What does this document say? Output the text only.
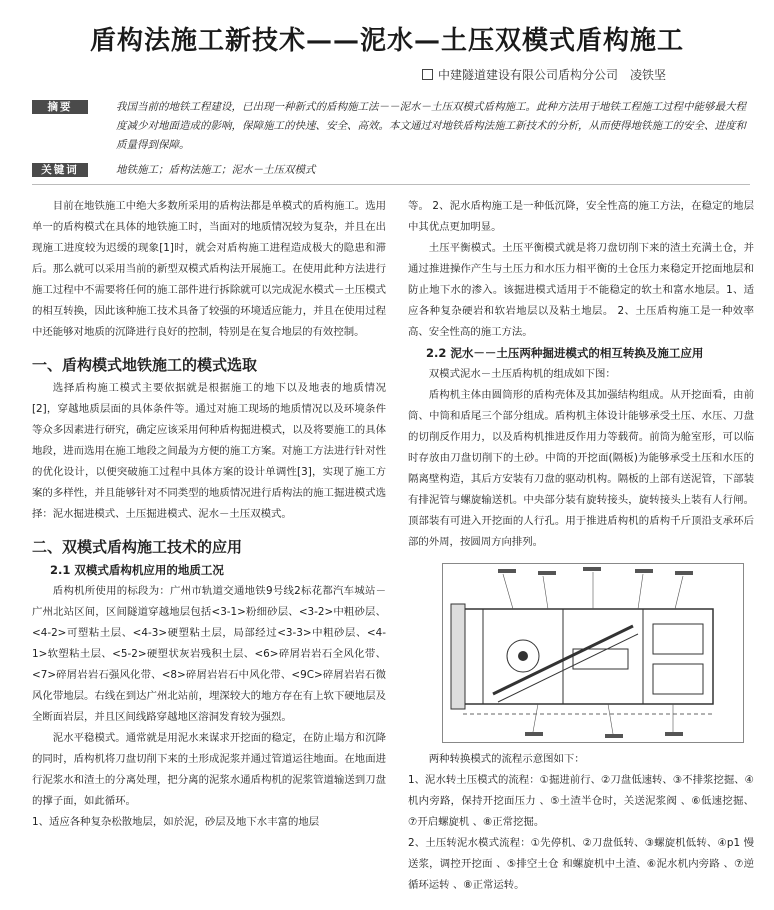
盾构法施工新技术——泥水—土压双模式盾构施工
中建隧道建设有限公司盾构分公司　凌铁坚
摘要	我国当前的地铁工程建设，已出现一种新式的盾构施工法－－泥水－土压双模式盾构施工。此种方法用于地铁工程施工过程中能够最大程度减少对地面造成的影响，保障施工的快速、安全、高效。本文通过对地铁盾构法施工新技术的分析，从而使得地铁施工的安全、进度和质量得到保障。
关键词	地铁施工；盾构法施工；泥水－土压双模式

目前在地铁施工中绝大多数所采用的盾构法都是单模式的盾构施工。选用单一的盾构模式在具体的地铁施工时，当面对的地质情况较为复杂，并且在出现施工进度较为迟缓的现象[1]时，就会对盾构施工进程造成极大的隐患和滞后。那么就可以采用当前的新型双模式盾构法开展施工。在使用此种方法进行施工过程中不需要将任何的施工部件进行拆除就可以完成泥水模式－土压模式的相互转换，因此该种施工技术具备了较强的环境适应能力，并且在使用过程中还能够对地质的沉降进行良好的控制，特别是在复合地层的有效控制。

一、盾构模式地铁施工的模式选取

选择盾构施工模式主要依据就是根据施工的地下以及地表的地质情况[2]，穿越地质层面的具体条件等。通过对施工现场的地质情况以及环境条件等众多因素进行研究，确定应该采用何种盾构掘进模式，以及将要施工的具体地段，进而选用在施工地段之间最为方便的施工方案。对施工方法进行针对性的优化设计，以便突破施工过程中具体方案的设计单调性[3]，实现了施工方案的多样性，并且能够针对不同类型的地质情况进行盾构法的施工掘进模式选择：泥水掘进模式、土压掘进模式、泥水－土压双模式。

二、双模式盾构施工技术的应用
2.1 双模式盾构机应用的地质工况

盾构机所使用的标段为：广州市轨道交通地铁9号线2标花都汽车城站－广州北站区间，区间隧道穿越地层包括<3-1>粉细砂层、<3-2>中粗砂层、<4-2>可塑粘土层、<4-3>硬塑粘土层，局部经过<3-3>中粗砂层、<4-1>软塑粘土层、<5-2>硬塑状灰岩残积土层、<6>碎屑岩岩石全风化带、<7>碎屑岩岩石强风化带、<8>碎屑岩岩石中风化带、<9C>碎屑岩岩石微风化带地层。右线在到达广州北站前，埋深较大的地方存在有上软下硬地层及全断面岩层，并且区间线路穿越地区溶洞发育较为强烈。

泥水平稳模式。通常就是用泥水来谋求开挖面的稳定，在防止塌方和沉降的同时，盾构机将刀盘切削下来的土形成泥浆并通过管道运往地面。在地面进行泥浆水和渣土的分离处理，把分离的泥浆水通盾构机的泥浆管道输送到刀盘的撑子面，如此循环。

1、适应各种复杂松散地层，如於泥，砂层及地下水丰富的地层

等。 2、泥水盾构施工是一种低沉降，安全性高的施工方法，在稳定的地层中其优点更加明显。

土压平衡模式。土压平衡模式就是将刀盘切削下来的渣土充满土仓，并通过推进操作产生与土压力和水压力相平衡的土仓压力来稳定开挖面地层和防止地下水的渗入。该掘进模式适用于不能稳定的软土和富水地层。1、适应各种复杂硬岩和软岩地层以及粘土地层。 2、土压盾构施工是一种效率高、安全性高的施工方法。

2.2 泥水－－土压两种掘进模式的相互转换及施工应用

双模式泥水－土压盾构机的组成如下图：

盾构机主体由圆筒形的盾构壳体及其加强结构组成。从开挖面看，由前筒、中筒和盾尾三个部分组成。盾构机主体设计能够承受土压、水压、刀盘的切削反作用力，以及盾构机推进反作用力等载荷。前筒为舱室形，可以临时存放由刀盘切削下的土砂。中筒的开挖面(隔板)为能够承受土压和水压的隔离壁构造，其后方安装有刀盘的驱动机构。隔板的上部有送泥管，下部装有排泥管与螺旋输送机。中央部分装有旋转接头，旋转接头上装有人行闸。顶部装有可进入开挖面的人行孔。用于推进盾构机的盾构千斤顶沿支承环后部的外周，按圆周方向排列。

两种转换模式的流程示意图如下：

1、泥水转土压模式的流程：①掘进前行、②刀盘低速转、③不排浆挖掘、④机内旁路，保持开挖面压力 、⑤土渣半仓时，关送泥浆阀 、⑥低速挖掘、 ⑦开启螺旋机 、⑧正常挖掘。

2、土压转泥水模式流程：①先停机、②刀盘低转、③螺旋机低转、④p1 慢送浆，调控开挖面 、⑤排空土仓 和螺旋机中土渣、⑥泥水机内旁路 、⑦逆循环运转 、⑧正常运转。
